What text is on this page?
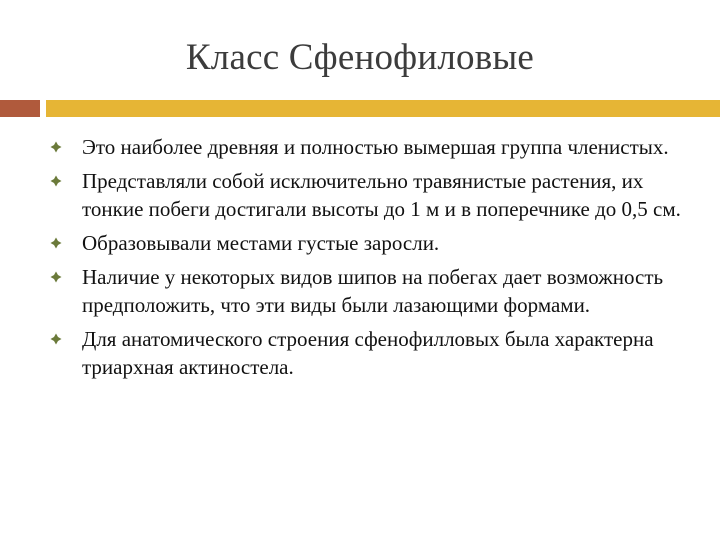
Класс Сфенофиловые
Это наиболее древняя и полностью вымершая группа членистых.
Представляли собой исключительно травянистые растения, их тонкие побеги достигали высоты до 1 м и в поперечнике до 0,5 см.
Образовывали местами густые заросли.
Наличие у некоторых видов шипов на побегах дает возможность предположить, что эти виды были лазающими формами.
Для анатомического строения сфенофилловых была характерна триархная актиностела.
